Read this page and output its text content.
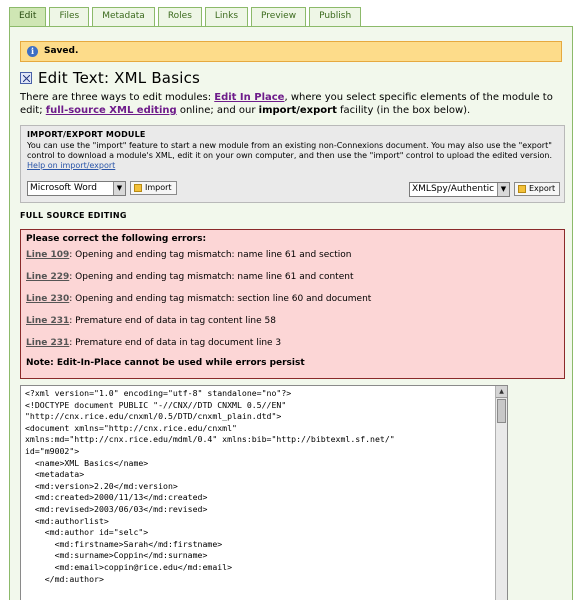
Edit	Files	Metadata	Roles	Links	Preview	Publish
i	Saved.
Edit Text: XML Basics
There are three ways to edit modules: Edit In Place, where you select specific elements of the module to edit; full-source XML editing online; and our import/export facility (in the box below).
IMPORT/EXPORT MODULE
You can use the "import" feature to start a new module from an existing non-Connexions document. You may also use the "export" control to download a module's XML, edit it on your own computer, and then use the "import" control to upload the edited version. Help on import/export
Microsoft Word	▼	Import	XMLSpy/Authentic ▼	Export
FULL SOURCE EDITING
Please correct the following errors:
Line 109: Opening and ending tag mismatch: name line 61 and section
Line 229: Opening and ending tag mismatch: name line 61 and content
Line 230: Opening and ending tag mismatch: section line 60 and document
Line 231: Premature end of data in tag content line 58
Line 231: Premature end of data in tag document line 3
Note: Edit-In-Place cannot be used while errors persist
<?xml version="1.0" encoding="utf-8" standalone="no"?>
<!DOCTYPE document PUBLIC "-//CNX//DTD CNXML 0.5//EN"
"http://cnx.rice.edu/cnxml/0.5/DTD/cnxml_plain.dtd">
<document xmlns="http://cnx.rice.edu/cnxml"
xmlns:md="http://cnx.rice.edu/mdml/0.4" xmlns:bib="http://bibtexml.sf.net/"
id="m9002">
<name>XML Basics</name>
<metadata>
<md:version>2.20</md:version>
<md:created>2000/11/13</md:created>
<md:revised>2003/06/03</md:revised>
<md:authorlist>
<md:author id="selc">
<md:firstname>Sarah</md:firstname>
<md:surname>Coppin</md:surname>
<md:email>coppin@rice.edu</md:email>
</md:author>
▲
